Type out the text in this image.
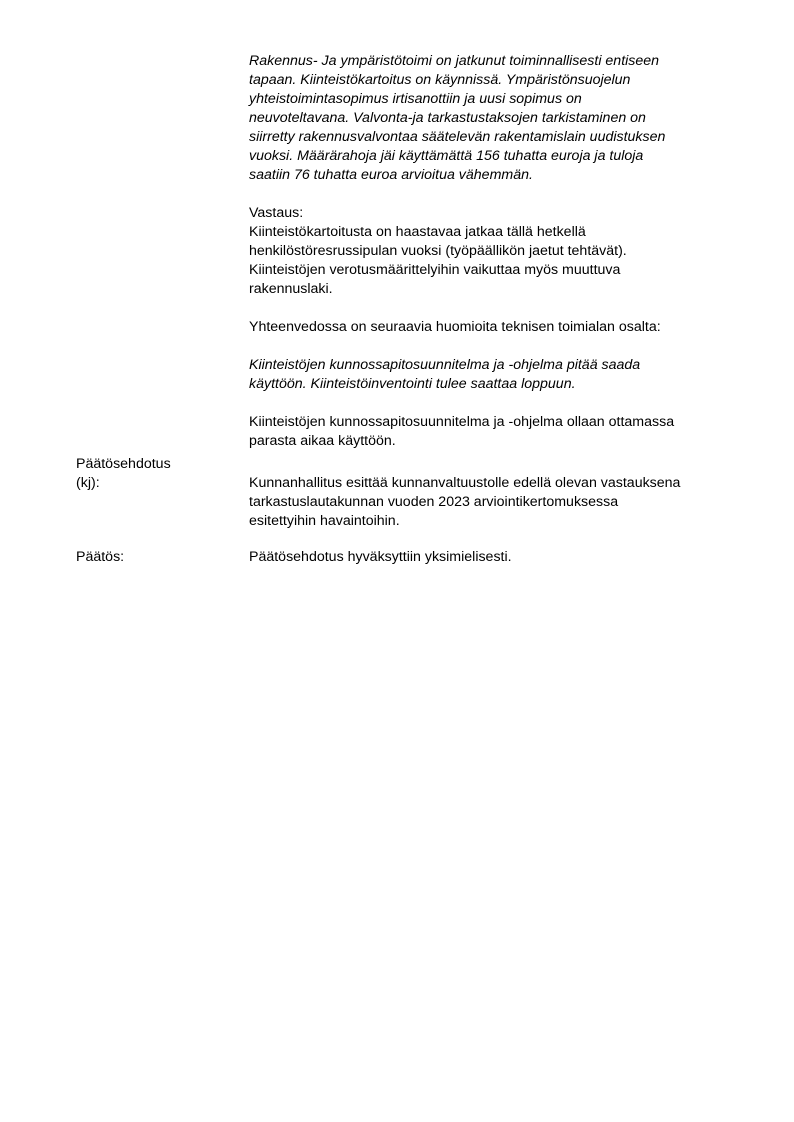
Rakennus- Ja ympäristötoimi on jatkunut toiminnallisesti entiseen
tapaan. Kiinteistökartoitus on käynnissä. Ympäristönsuojelun
yhteistoimintasopimus irtisanottiin ja uusi sopimus on
neuvoteltavana. Valvonta-ja tarkastustaksojen tarkistaminen on
siirretty rakennusvalvontaa säätelevän rakentamislain uudistuksen
vuoksi. Määrärahoja jäi käyttämättä 156 tuhatta euroja ja tuloja
saatiin 76 tuhatta euroa arvioitua vähemmän.

Vastaus:

Kiinteistökartoitusta on haastavaa jatkaa tällä hetkellä
henkilöstöresrussipulan vuoksi (työpäällikön jaetut tehtävät).
Kiinteistöjen verotusmäärittelyihin vaikuttaa myös muuttuva
rakennuslaki.

Yhteenvedossa on seuraavia huomioita teknisen toimialan osalta:

Kiinteistöjen kunnossapitosuunnitelma ja -ohjelma pitää saada
käyttöön. Kiinteistöinventointi tulee saattaa loppuun.

Kiinteistöjen kunnossapitosuunnitelma ja -ohjelma ollaan ottamassa
parasta aikaa käyttöön.

Päätösehdotus
(kj):	Kunnanhallitus esittää kunnanvaltuustolle edellä olevan vastauksena
tarkastuslautakunnan vuoden 2023 arviointikertomuksessa
esitettyihin havaintoihin.
Päätös:	Päätösehdotus hyväksyttiin yksimielisesti.
